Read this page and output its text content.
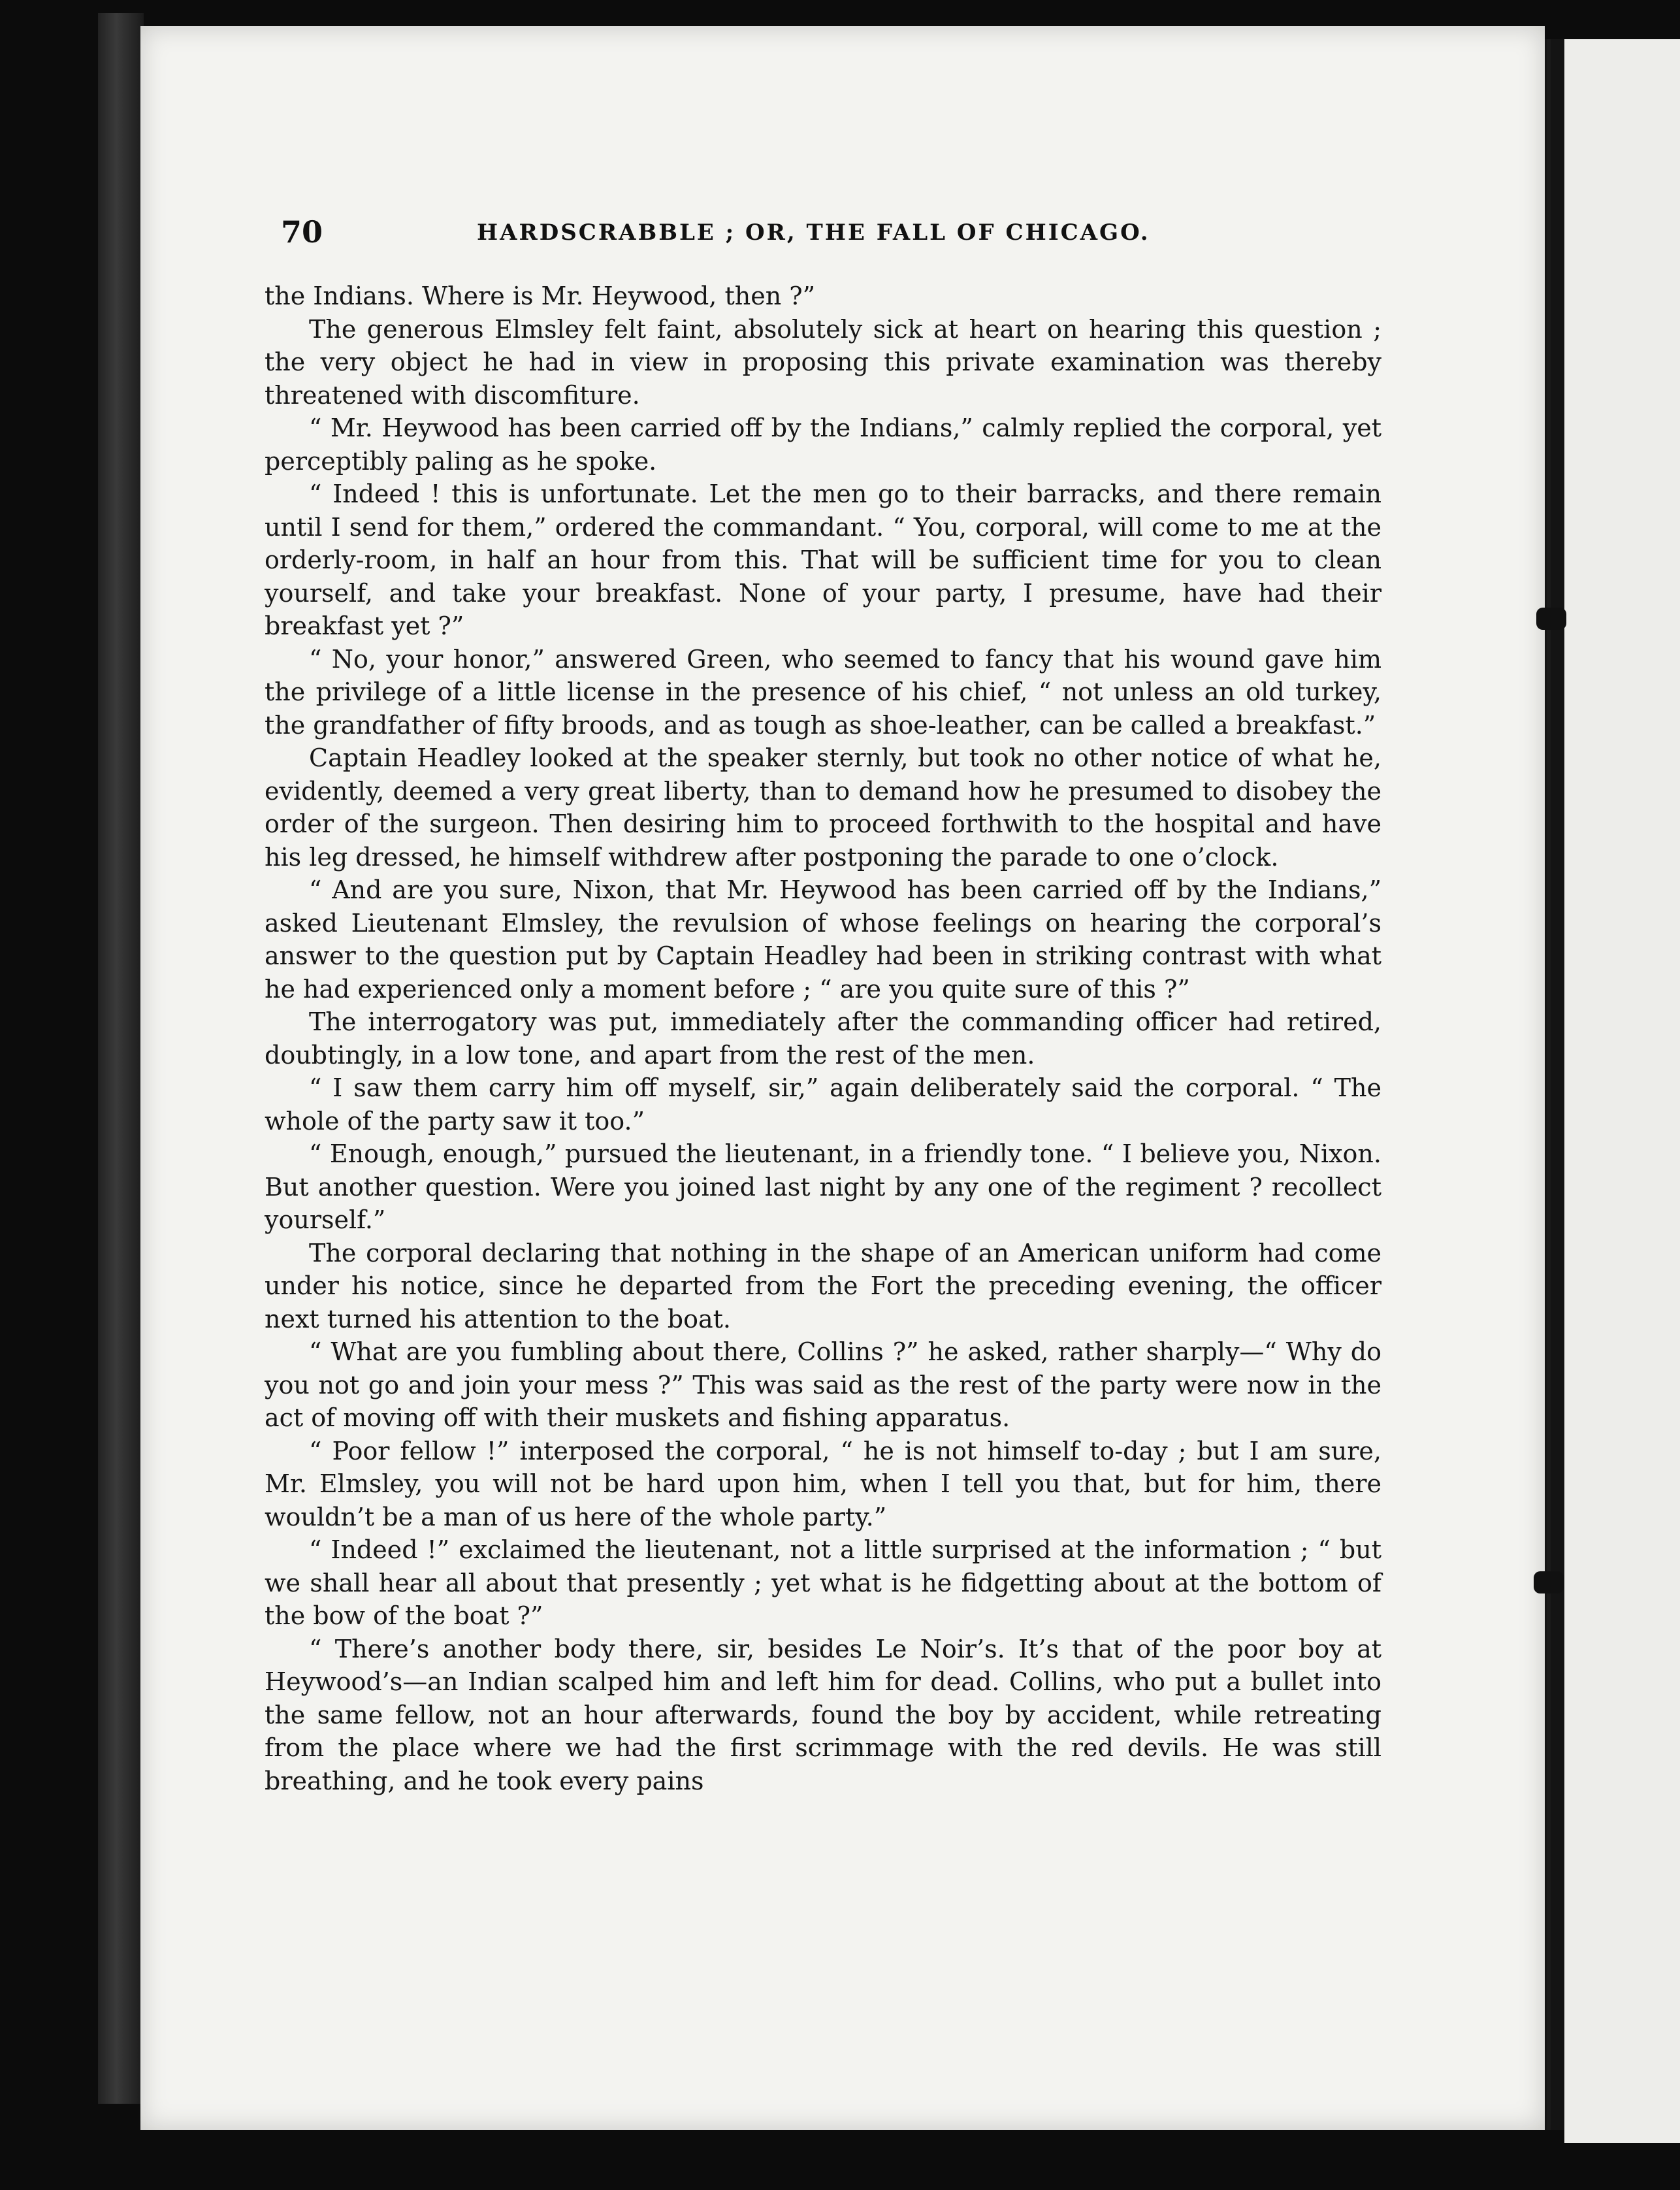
70	HARDSCRABBLE ; OR, THE FALL OF CHICAGO.

the Indians. Where is Mr. Heywood, then ?”

The generous Elmsley felt faint, absolutely sick at heart on hearing this question ; the very object he had in view in proposing this private examination was thereby threatened with discomfiture.

“ Mr. Heywood has been carried off by the Indians,” calmly replied the corporal, yet perceptibly paling as he spoke.

“ Indeed ! this is unfortunate. Let the men go to their barracks, and there remain until I send for them,” ordered the commandant. “ You, corporal, will come to me at the orderly-room, in half an hour from this. That will be sufficient time for you to clean yourself, and take your breakfast. None of your party, I presume, have had their breakfast yet ?”

“ No, your honor,” answered Green, who seemed to fancy that his wound gave him the privilege of a little license in the presence of his chief, “ not unless an old turkey, the grandfather of fifty broods, and as tough as shoe-leather, can be called a breakfast.”

Captain Headley looked at the speaker sternly, but took no other notice of what he, evidently, deemed a very great liberty, than to demand how he presumed to disobey the order of the surgeon. Then desiring him to proceed forthwith to the hospital and have his leg dressed, he himself withdrew after postponing the parade to one o’clock.

“ And are you sure, Nixon, that Mr. Heywood has been carried off by the Indians,” asked Lieutenant Elmsley, the revulsion of whose feelings on hearing the corporal’s answer to the question put by Captain Headley had been in striking contrast with what he had experienced only a moment before ; “ are you quite sure of this ?”

The interrogatory was put, immediately after the commanding officer had retired, doubtingly, in a low tone, and apart from the rest of the men.

“ I saw them carry him off myself, sir,” again deliberately said the corporal. “ The whole of the party saw it too.”

“ Enough, enough,” pursued the lieutenant, in a friendly tone. “ I believe you, Nixon. But another question. Were you joined last night by any one of the regiment ? recollect yourself.”

The corporal declaring that nothing in the shape of an American uniform had come under his notice, since he departed from the Fort the preceding evening, the officer next turned his attention to the boat.

“ What are you fumbling about there, Collins ?” he asked, rather sharply—“ Why do you not go and join your mess ?” This was said as the rest of the party were now in the act of moving off with their muskets and fishing apparatus.

“ Poor fellow !” interposed the corporal, “ he is not himself to-day ; but I am sure, Mr. Elmsley, you will not be hard upon him, when I tell you that, but for him, there wouldn’t be a man of us here of the whole party.”

“ Indeed !” exclaimed the lieutenant, not a little surprised at the information ; “ but we shall hear all about that presently ; yet what is he fidgetting about at the bottom of the bow of the boat ?”

“ There’s another body there, sir, besides Le Noir’s. It’s that of the poor boy at Heywood’s—an Indian scalped him and left him for dead. Collins, who put a bullet into the same fellow, not an hour afterwards, found the boy by accident, while retreating from the place where we had the first scrimmage with the red devils. He was still breathing, and he took every pains
